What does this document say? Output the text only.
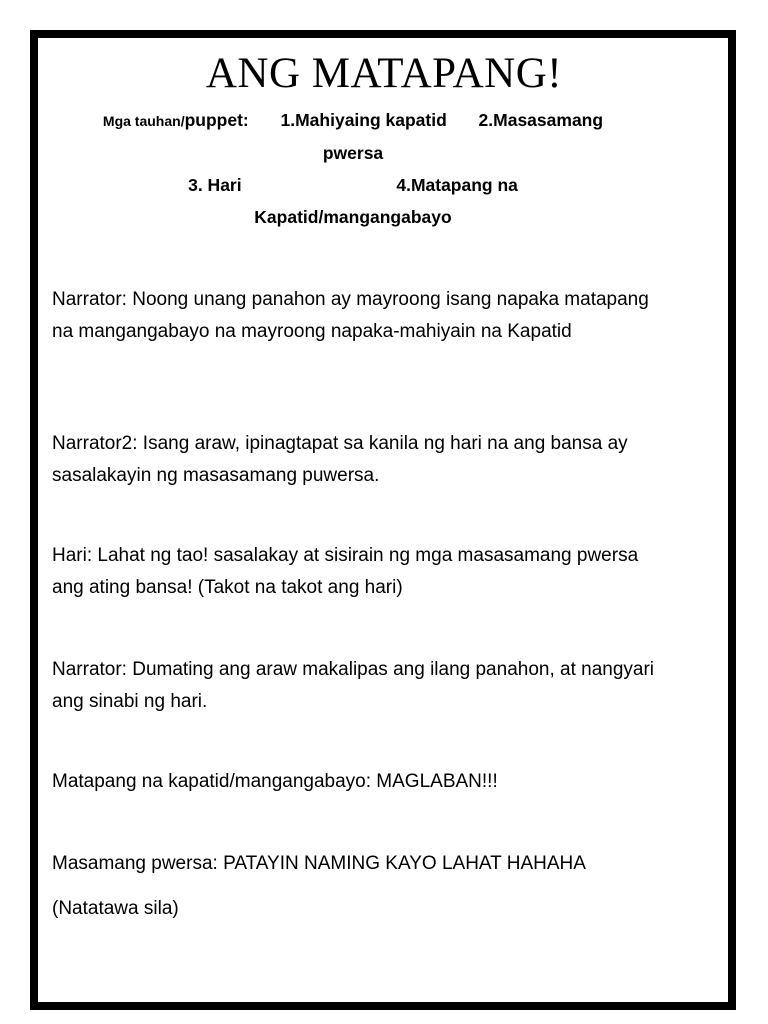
ANG MATAPANG!
Mga tauhan/puppet: 1.Mahiyaing kapatid 2.Masasamang
pwersa
3. Hari	4.Matapang na
Kapatid/mangangabayo
Narrator: Noong unang panahon ay mayroong isang napaka matapang na mangangabayo na mayroong napaka-mahiyain na Kapatid
Narrator2: Isang araw, ipinagtapat sa kanila ng hari na ang bansa ay sasalakayin ng masasamang puwersa.
Hari: Lahat ng tao! sasalakay at sisirain ng mga masasamang pwersa ang ating bansa! (Takot na takot ang hari)
Narrator: Dumating ang araw makalipas ang ilang panahon, at nangyari ang sinabi ng hari.
Matapang na kapatid/mangangabayo: MAGLABAN!!!
Masamang pwersa: PATAYIN NAMING KAYO LAHAT HAHAHA
(Natatawa sila)
